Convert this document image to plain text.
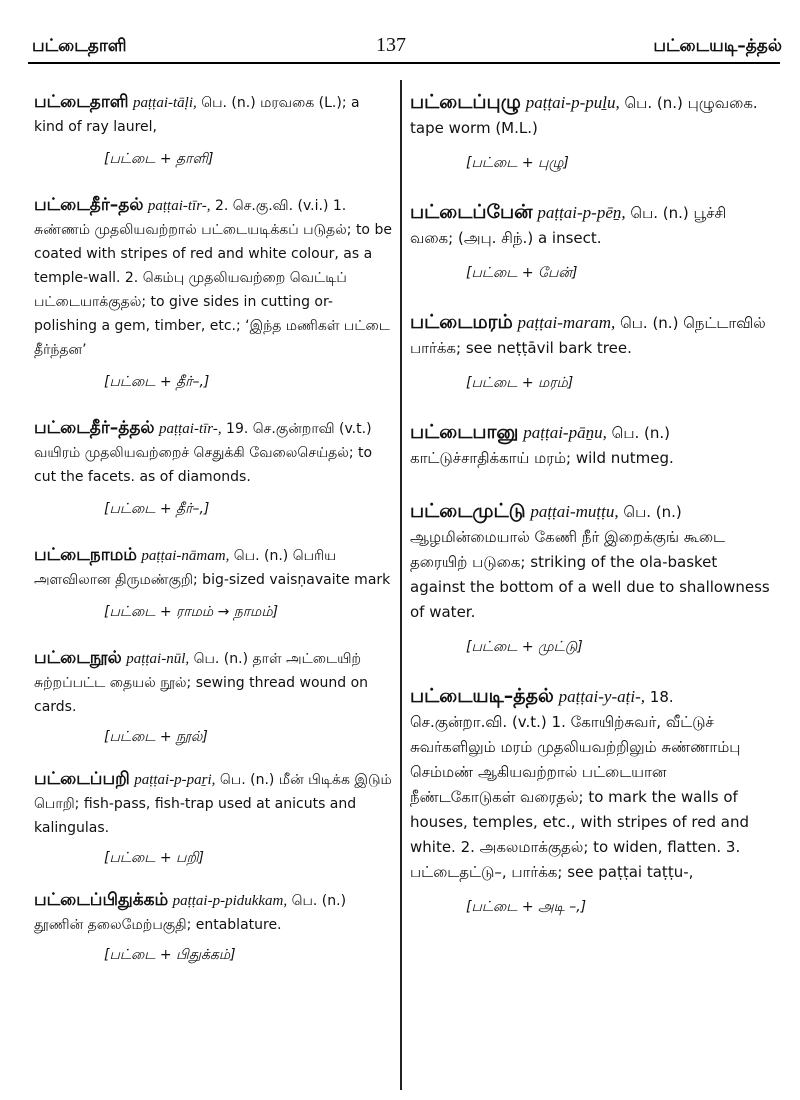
பட்டைதாளி	137	பட்டையடி–த்தல்

பட்டைதாளி paṭṭai-tāḷi, பெ. (n.) மரவகை (L.); a kind of ray laurel,

[பட்டை + தாளி]

பட்டைதீர்–தல் paṭṭai-tīr-, 2. செ.கு.வி. (v.i.) 1. சுண்ணம் முதலியவற்றால் பட்டையடிக்கப் படுதல்; to be coated with stripes of red and white colour, as a temple-wall. 2. கெம்பு முதலியவற்றை வெட்டிப் பட்டையாக்குதல்; to give sides in cutting or-polishing a gem, timber, etc.; ‘இந்த மணிகள் பட்டை தீர்ந்தன’

[பட்டை + தீர்–,]

பட்டைதீர்–த்தல் paṭṭai-tīr-, 19. செ.குன்றாவி (v.t.) வயிரம் முதலியவற்றைச் செதுக்கி வேலைசெய்தல்; to cut the facets. as of diamonds.

[பட்டை + தீர்–,]

பட்டைநாமம் paṭṭai-nāmam, பெ. (n.) பெரிய அளவிலான திருமண்குறி; big-sized vaisṇavaite mark

[பட்டை + ராமம் → நாமம்]

பட்டைநூல் paṭṭai-nūl, பெ. (n.) தாள் அட்டையிற் சுற்றப்பட்ட தையல் நூல்; sewing thread wound on cards.

[பட்டை + நூல்]

பட்டைப்பறி paṭṭai-p-paṟi, பெ. (n.) மீன் பிடிக்க இடும் பொறி; fish-pass, fish-trap used at anicuts and kalingulas.

[பட்டை + பறி]

பட்டைப்பிதுக்கம் paṭṭai-p-pidukkam, பெ. (n.) தூணின் தலைமேற்பகுதி; entablature.

[பட்டை + பிதுக்கம்]

பட்டைப்புழு paṭṭai-p-puḻu, பெ. (n.) புழுவகை. tape worm (M.L.)

[பட்டை + புழு]

பட்டைப்பேன் paṭṭai-p-pēṉ, பெ. (n.) பூச்சி வகை; (அபு. சிந்.) a insect.

[பட்டை + பேன்]

பட்டைமரம் paṭṭai-maram, பெ. (n.) நெட்டாவில் பார்க்க; see neṭṭāvil bark tree.

[பட்டை + மரம்]

பட்டைபானு paṭṭai-pāṉu, பெ. (n.) காட்டுச்சாதிக்காய் மரம்; wild nutmeg.

பட்டைமுட்டு paṭṭai-muṭṭu, பெ. (n.) ஆழமின்மையால் கேணி நீர் இறைக்குங் கூடை தரையிற் படுகை; striking of the ola-basket against the bottom of a well due to shallowness of water.

[பட்டை + முட்டு]

பட்டையடி–த்தல் paṭṭai-y-aṭi-, 18. செ.குன்றா.வி. (v.t.) 1. கோயிற்சுவர், வீட்டுச் சுவர்களிலும் மரம் முதலியவற்றிலும் சுண்ணாம்பு செம்மண் ஆகியவற்றால் பட்டையான நீண்டகோடுகள் வரைதல்; to mark the walls of houses, temples, etc., with stripes of red and white. 2. அகலமாக்குதல்; to widen, flatten. 3. பட்டைதட்டு–, பார்க்க; see paṭṭai taṭṭu-,

[பட்டை + அடி –,]
